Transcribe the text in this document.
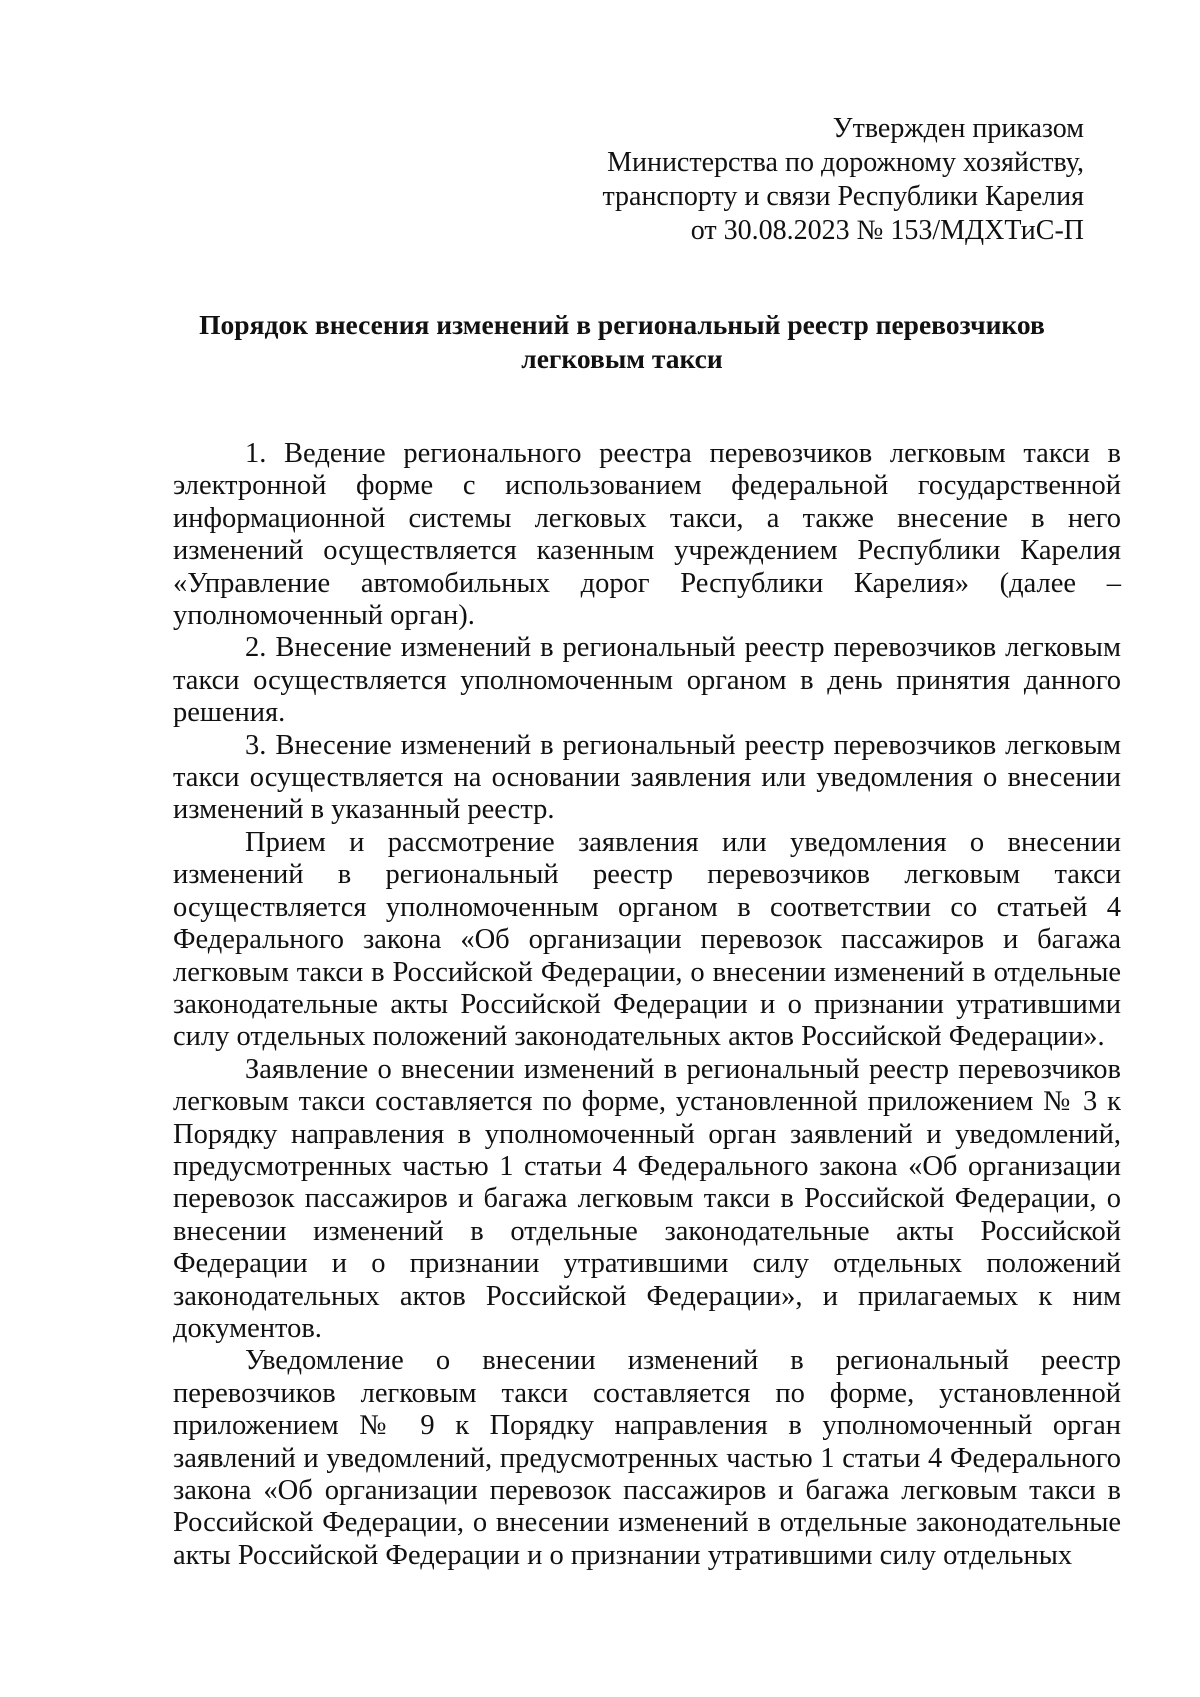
Утвержден приказом
Министерства по дорожному хозяйству,
транспорту и связи Республики Карелия
от 30.08.2023 № 153/МДХТиС-П
Порядок внесения изменений в региональный реестр перевозчиков
легковым такси

1. Ведение регионального реестра перевозчиков легковым такси в электронной форме с использованием федеральной государственной информационной системы легковых такси, а также внесение в него изменений осуществляется казенным учреждением Республики Карелия «Управление автомобильных дорог Республики Карелия» (далее – уполномоченный орган).

2. Внесение изменений в региональный реестр перевозчиков легковым такси осуществляется уполномоченным органом в день принятия данного решения.

3. Внесение изменений в региональный реестр перевозчиков легковым такси осуществляется на основании заявления или уведомления о внесении изменений в указанный реестр.

Прием и рассмотрение заявления или уведомления о внесении изменений в региональный реестр перевозчиков легковым такси осуществляется уполномоченным органом в соответствии со статьей 4 Федерального закона «Об организации перевозок пассажиров и багажа легковым такси в Российской Федерации, о внесении изменений в отдельные законодательные акты Российской Федерации и о признании утратившими силу отдельных положений законодательных актов Российской Федерации».

Заявление о внесении изменений в региональный реестр перевозчиков легковым такси составляется по форме, установленной приложением № 3 к Порядку направления в уполномоченный орган заявлений и уведомлений, предусмотренных частью 1 статьи 4 Федерального закона «Об организации перевозок пассажиров и багажа легковым такси в Российской Федерации, о внесении изменений в отдельные законодательные акты Российской Федерации и о признании утратившими силу отдельных положений законодательных актов Российской Федерации», и прилагаемых к ним документов.

Уведомление о внесении изменений в региональный реестр перевозчиков легковым такси составляется по форме, установленной приложением № 9 к Порядку направления в уполномоченный орган заявлений и уведомлений, предусмотренных частью 1 статьи 4 Федерального закона «Об организации перевозок пассажиров и багажа легковым такси в Российской Федерации, о внесении изменений в отдельные законодательные акты Российской Федерации и о признании утратившими силу отдельных
